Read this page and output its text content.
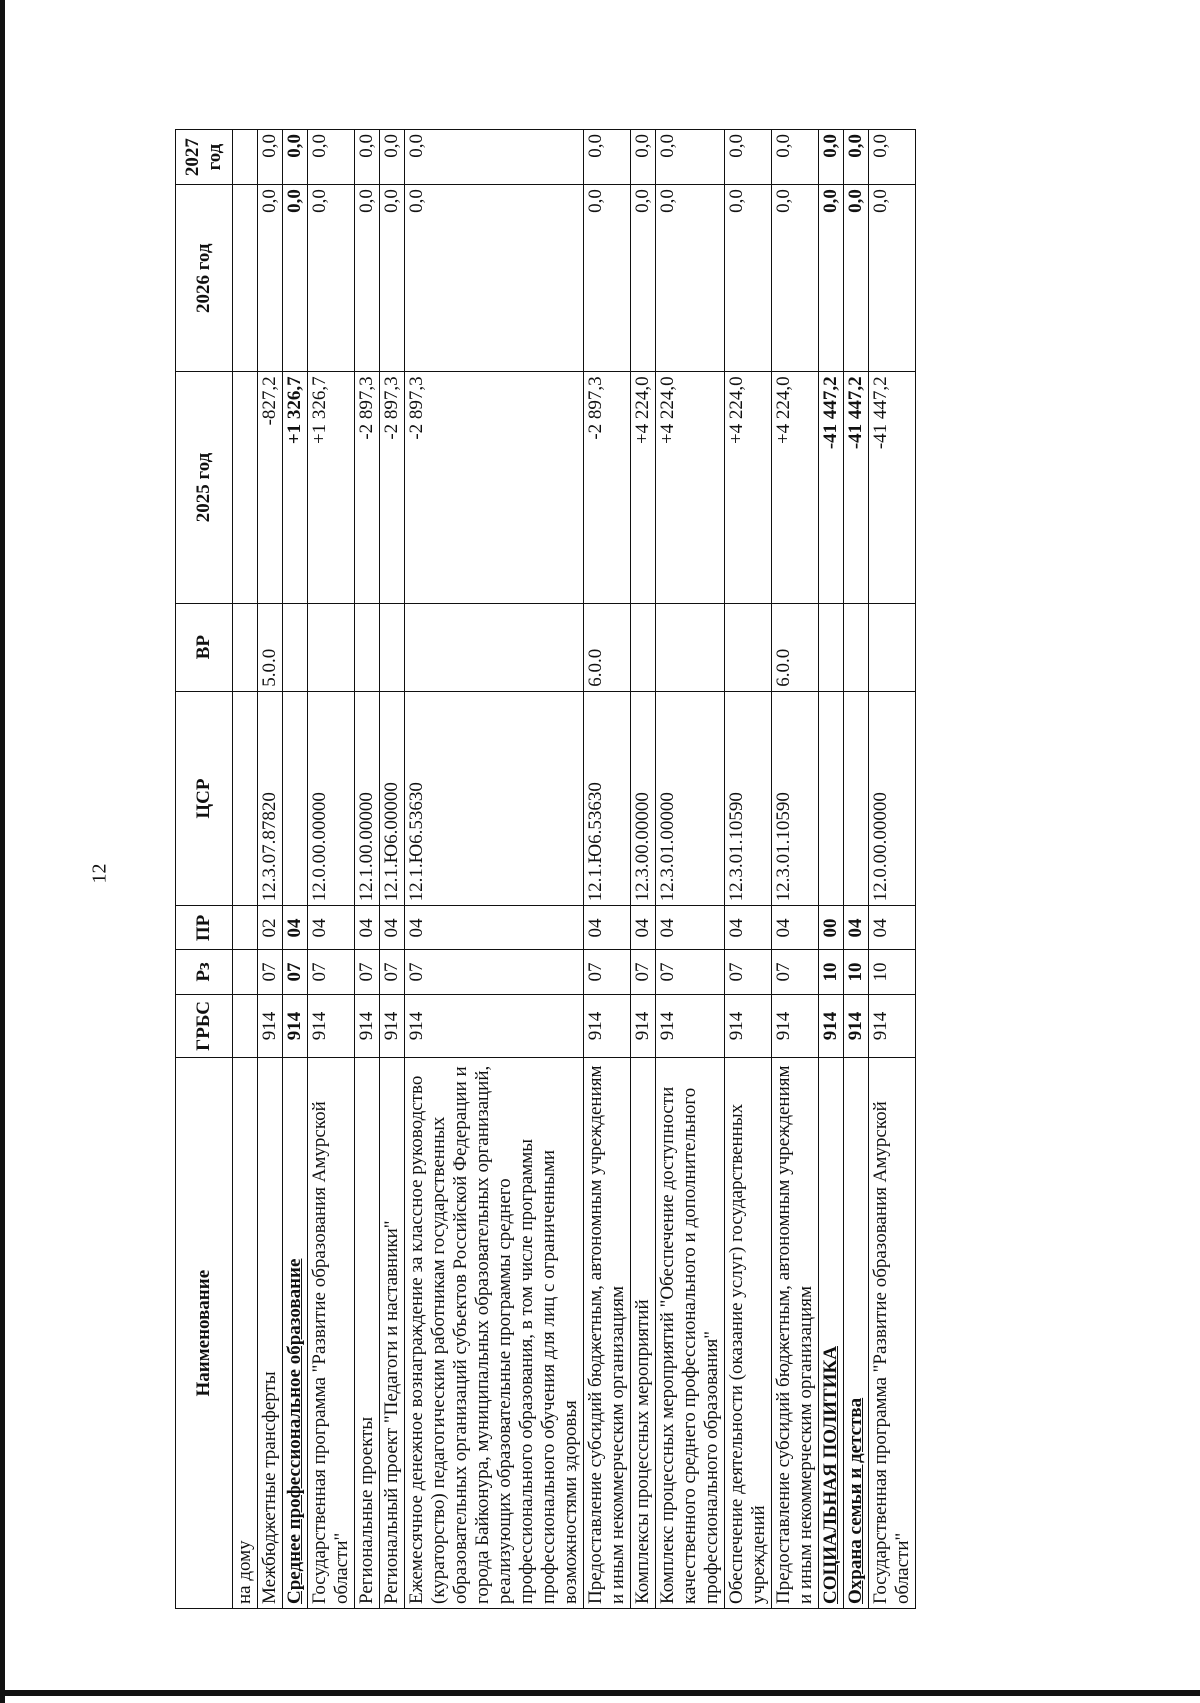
12
Наименование	ГРБС	Рз	ПР	ЦСР	ВР	2025 год	2026 год	2027 год
на дому								
Межбюджетные трансферты	914	07	02	12.3.07.87820	5.0.0	-827,2	0,0	0,0
Среднее профессиональное образование	914	07	04			+1 326,7	0,0	0,0
Государственная программа "Развитие образования Амурской области"	914	07	04	12.0.00.00000		+1 326,7	0,0	0,0
Региональные проекты	914	07	04	12.1.00.00000		-2 897,3	0,0	0,0
Региональный проект "Педагоги и наставники"	914	07	04	12.1.Ю6.00000		-2 897,3	0,0	0,0
Ежемесячное денежное вознаграждение за классное руководство (кураторство) педагогическим работникам государственных образовательных организаций субъектов Российской Федерации и города Байконура, муниципальных образовательных организаций, реализующих образовательные программы среднего профессионального образования, в том числе программы профессионального обучения для лиц с ограниченными возможностями здоровья	914	07	04	12.1.Ю6.53630		-2 897,3	0,0	0,0
Предоставление субсидий бюджетным, автономным учреждениям и иным некоммерческим организациям	914	07	04	12.1.Ю6.53630	6.0.0	-2 897,3	0,0	0,0
Комплексы процессных мероприятий	914	07	04	12.3.00.00000		+4 224,0	0,0	0,0
Комплекс процессных мероприятий "Обеспечение доступности качественного среднего профессионального и дополнительного профессионального образования"	914	07	04	12.3.01.00000		+4 224,0	0,0	0,0
Обеспечение деятельности (оказание услуг) государственных учреждений	914	07	04	12.3.01.10590		+4 224,0	0,0	0,0
Предоставление субсидий бюджетным, автономным учреждениям и иным некоммерческим организациям	914	07	04	12.3.01.10590	6.0.0	+4 224,0	0,0	0,0
СОЦИАЛЬНАЯ ПОЛИТИКА	914	10	00			-41 447,2	0,0	0,0
Охрана семьи и детства	914	10	04			-41 447,2	0,0	0,0
Государственная программа "Развитие образования Амурской области"	914	10	04	12.0.00.00000		-41 447,2	0,0	0,0
